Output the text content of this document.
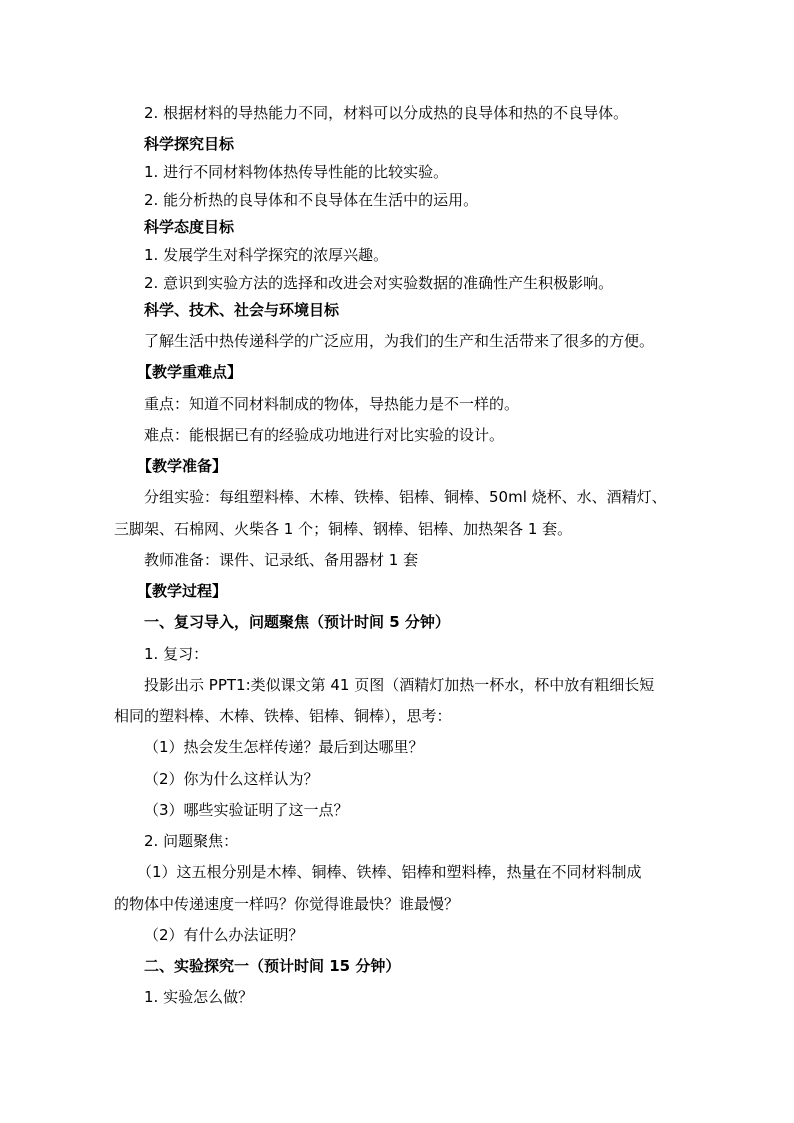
2. 根据材料的导热能力不同，材料可以分成热的良导体和热的不良导体。
科学探究目标
1. 进行不同材料物体热传导性能的比较实验。
2. 能分析热的良导体和不良导体在生活中的运用。
科学态度目标
1. 发展学生对科学探究的浓厚兴趣。
2. 意识到实验方法的选择和改进会对实验数据的准确性产生积极影响。
科学、技术、社会与环境目标
了解生活中热传递科学的广泛应用，为我们的生产和生活带来了很多的方便。
【教学重难点】
重点：知道不同材料制成的物体，导热能力是不一样的。
难点：能根据已有的经验成功地进行对比实验的设计。
【教学准备】
分组实验：每组塑料棒、木棒、铁棒、铝棒、铜棒、50ml 烧杯、水、酒精灯、
三脚架、石棉网、火柴各 1 个；铜棒、钢棒、铝棒、加热架各 1 套。
教师准备：课件、记录纸、备用器材 1 套
【教学过程】
一、复习导入，问题聚焦（预计时间 5 分钟）
1. 复习：
投影出示 PPT1:类似课文第 41 页图（酒精灯加热一杯水，杯中放有粗细长短
相同的塑料棒、木棒、铁棒、铝棒、铜棒），思考：
（1）热会发生怎样传递？最后到达哪里？
（2）你为什么这样认为？
（3）哪些实验证明了这一点？
2. 问题聚焦：
（1）这五根分别是木棒、铜棒、铁棒、铝棒和塑料棒，热量在不同材料制成
的物体中传递速度一样吗？你觉得谁最快？谁最慢？
（2）有什么办法证明？
二、实验探究一（预计时间 15 分钟）
1. 实验怎么做？
